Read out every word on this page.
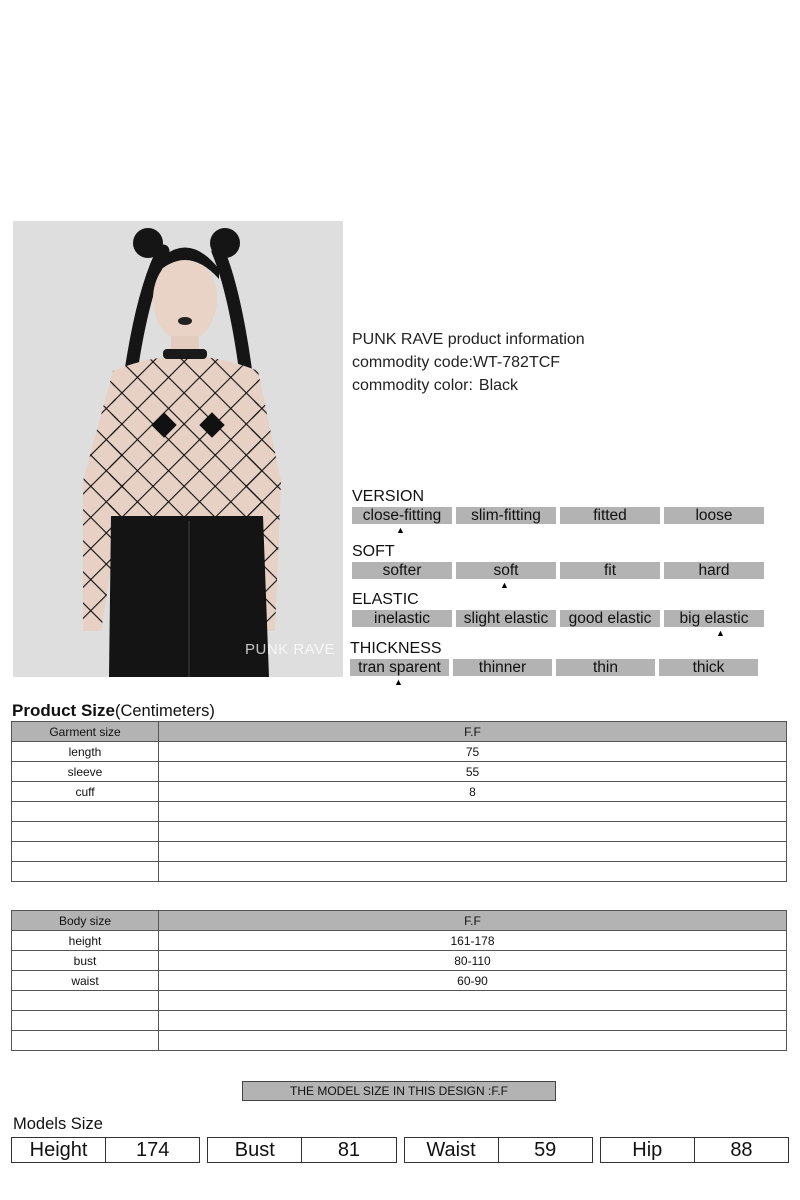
PUNK RAVE
PUNK RAVE product information
commodity code:WT-782TCF
commodity color: Black
VERSION
close-fitting	slim-fitting	fitted	loose
▲
SOFT
softer	soft	fit	hard
▲
ELASTIC
inelastic	slight elastic	good elastic	big elastic
▲
THICKNESS
tran sparent	thinner	thin	thick
▲
Product Size(Centimeters)
Garment size	F.F
length	75
sleeve	55
cuff	8

Body size	F.F
height	161-178
bust	80-110
waist	60-90

THE MODEL SIZE IN THIS DESIGN :F.F
Models Size
Height	174	Bust	81	Waist	59	Hip	88
